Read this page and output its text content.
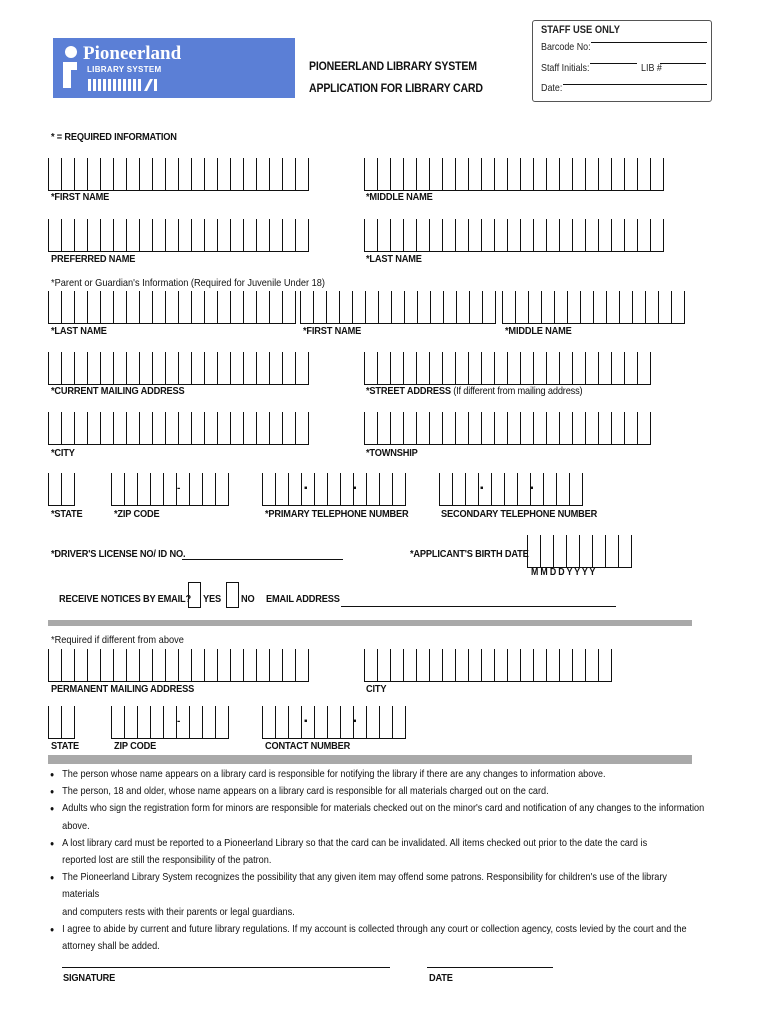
Pioneerland
LIBRARY SYSTEM	PIONEERLAND LIBRARY SYSTEM
APPLICATION FOR LIBRARY CARD
STAFF USE ONLY
Barcode No:
Staff Initials:	LIB #
Date:
* = REQUIRED INFORMATION
*FIRST NAME	*MIDDLE NAME
PREFERRED NAME	*LAST NAME
*Parent or Guardian's Information (Required for Juvenile Under 18)
*LAST NAME	*FIRST NAME	*MIDDLE NAME
*CURRENT MAILING ADDRESS	*STREET ADDRESS (If different from mailing address)
*CITY	*TOWNSHIP
-	▪	▪	▪	▪
*STATE	*ZIP CODE	*PRIMARY TELEPHONE NUMBER	SECONDARY TELEPHONE NUMBER
*DRIVER'S LICENSE NO/ ID NO.	*APPLICANT'S BIRTH DATE
M M D D Y Y Y Y
RECEIVE NOTICES BY EMAIL? YES NO EMAIL ADDRESS
*Required if different from above
PERMANENT MAILING ADDRESS	CITY
-	▪	▪
STATE	ZIP CODE	CONTACT NUMBER
● The person whose name appears on a library card is responsible for notifying the library if there are any changes to information above.
● The person, 18 and older, whose name appears on a library card is responsible for all materials charged out on the card.
● Adults who sign the registration form for minors are responsible for materials checked out on the minor's card and notification of any changes to the information above.
● A lost library card must be reported to a Pioneerland Library so that the card can be invalidated. All items checked out prior to the date the card is
reported lost are still the responsibility of the patron.
● The Pioneerland Library System recognizes the possibility that any given item may offend some patrons. Responsibility for children's use of the library materials
and computers rests with their parents or legal guardians.
● I agree to abide by current and future library regulations. If my account is collected through any court or collection agency, costs levied by the court and the
attorney shall be added.
SIGNATURE	DATE
